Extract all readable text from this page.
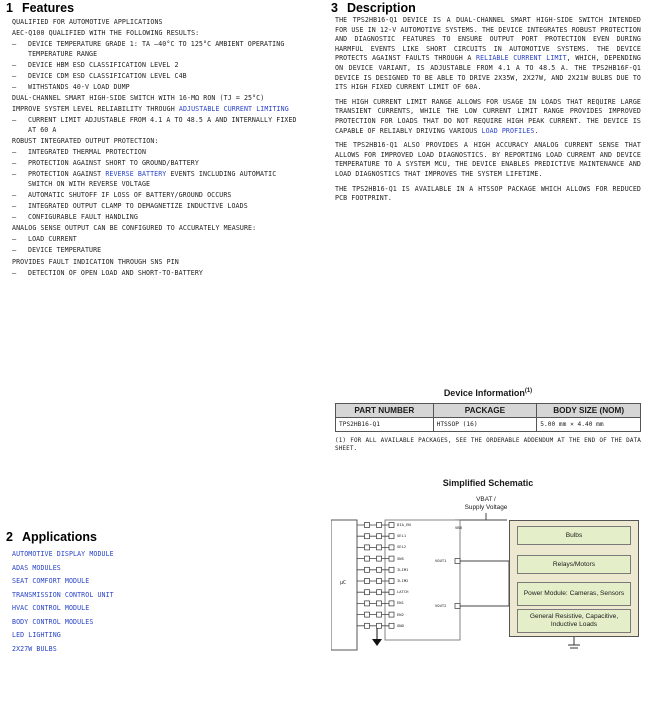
1 Features
QUALIFIED FOR AUTOMOTIVE APPLICATIONS
AEC-Q100 QUALIFIED WITH THE FOLLOWING RESULTS:
— DEVICE TEMPERATURE GRADE 1: TA –40°C TO 125°C AMBIENT OPERATING TEMPERATURE RANGE
— DEVICE HBM ESD CLASSIFICATION LEVEL 2
— DEVICE CDM ESD CLASSIFICATION LEVEL C4B
— WITHSTANDS 40-V LOAD DUMP
DUAL-CHANNEL SMART HIGH-SIDE SWITCH WITH 16-MΩ RON (TJ = 25°C)
IMPROVE SYSTEM LEVEL RELIABILITY THROUGH ADJUSTABLE CURRENT LIMITING
— CURRENT LIMIT ADJUSTABLE FROM 4.1 A TO 48.5 A AND INTERNALLY FIXED AT 60 A
ROBUST INTEGRATED OUTPUT PROTECTION:
— INTEGRATED THERMAL PROTECTION
— PROTECTION AGAINST SHORT TO GROUND/BATTERY
— PROTECTION AGAINST REVERSE BATTERY EVENTS INCLUDING AUTOMATIC SWITCH ON WITH REVERSE VOLTAGE
— AUTOMATIC SHUTOFF IF LOSS OF BATTERY/GROUND OCCURS
— INTEGRATED OUTPUT CLAMP TO DEMAGNETIZE INDUCTIVE LOADS
— CONFIGURABLE FAULT HANDLING
ANALOG SENSE OUTPUT CAN BE CONFIGURED TO ACCURATELY MEASURE:
— LOAD CURRENT
— DEVICE TEMPERATURE
PROVIDES FAULT INDICATION THROUGH SNS PIN
— DETECTION OF OPEN LOAD AND SHORT-TO-BATTERY
2 Applications
AUTOMOTIVE DISPLAY MODULE
ADAS MODULES
SEAT COMFORT MODULE
TRANSMISSION CONTROL UNIT
HVAC CONTROL MODULE
BODY CONTROL MODULES
LED LIGHTING
2X27W BULBS
3 Description

THE TPS2HB16-Q1 DEVICE IS A DUAL-CHANNEL SMART HIGH-SIDE SWITCH INTENDED FOR USE IN 12-V AUTOMOTIVE SYSTEMS. THE DEVICE INTEGRATES ROBUST PROTECTION AND DIAGNOSTIC FEATURES TO ENSURE OUTPUT PORT PROTECTION EVEN DURING HARMFUL EVENTS LIKE SHORT CIRCUITS IN AUTOMOTIVE SYSTEMS. THE DEVICE PROTECTS AGAINST FAULTS THROUGH A RELIABLE CURRENT LIMIT, WHICH, DEPENDING ON DEVICE VARIANT, IS ADJUSTABLE FROM 4.1 A TO 48.5 A. THE TPS2HB16F-Q1 DEVICE IS DESIGNED TO BE ABLE TO DRIVE 2X35W, 2X27W, AND 2X21W BULBS DUE TO ITS HIGH FIXED CURRENT LIMIT OF 60A.

THE HIGH CURRENT LIMIT RANGE ALLOWS FOR USAGE IN LOADS THAT REQUIRE LARGE TRANSIENT CURRENTS, WHILE THE LOW CURRENT LIMIT RANGE PROVIDES IMPROVED PROTECTION FOR LOADS THAT DO NOT REQUIRE HIGH PEAK CURRENT. THE DEVICE IS CAPABLE OF RELIABLY DRIVING VARIOUS LOAD PROFILES.

THE TPS2HB16-Q1 ALSO PROVIDES A HIGH ACCURACY ANALOG CURRENT SENSE THAT ALLOWS FOR IMPROVED LOAD DIAGNOSTICS. BY REPORTING LOAD CURRENT AND DEVICE TEMPERATURE TO A SYSTEM MCU, THE DEVICE ENABLES PREDICTIVE MAINTENANCE AND LOAD DIAGNOSTICS THAT IMPROVES THE SYSTEM LIFETIME.

THE TPS2HB16-Q1 IS AVAILABLE IN A HTSSOP PACKAGE WHICH ALLOWS FOR REDUCED PCB FOOTPRINT.

Device Information$^{(1)}$
PART NUMBER	PACKAGE	BODY SIZE (NOM)
TPS2HB16-Q1	HTSSOP (16)	5.00 mm × 4.40 mm

(1) FOR ALL AVAILABLE PACKAGES, SEE THE ORDERABLE ADDENDUM AT THE END OF THE DATA SHEET.

Simplified Schematic
VBAT /
Supply Voltage
µC
DIA_EN
SEL1
SEL2
SNS
ILIM1
ILIM2
LATCH
EN1
EN2
GND
VBB
VOUT1
VOUT2
Bulbs
Relays/Motors
Power Module: Cameras, Sensors
General Resistive, Capacitive, Inductive Loads
